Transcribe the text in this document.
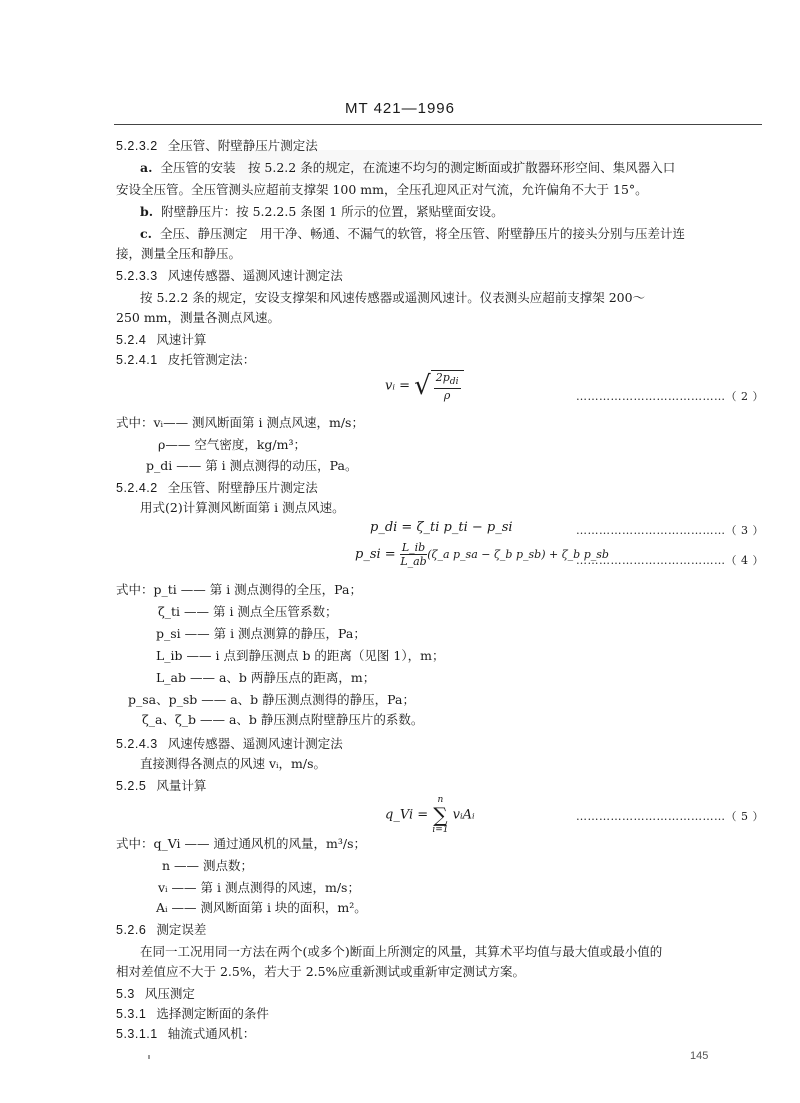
MT 421—1996
5.2.3.2 全压管、附壁静压片测定法
a. 全压管的安装　按 5.2.2 条的规定，在流速不均匀的测定断面或扩散器环形空间、集风器入口
安设全压管。全压管测头应超前支撑架 100 mm，全压孔迎风正对气流，允许偏角不大于 15°。
b. 附壁静压片：按 5.2.2.5 条图 1 所示的位置，紧贴壁面安设。
c. 全压、静压测定　用干净、畅通、不漏气的软管，将全压管、附壁静压片的接头分别与压差计连
接，测量全压和静压。
5.2.3.3 风速传感器、遥测风速计测定法
按 5.2.2 条的规定，安设支撑架和风速传感器或遥测风速计。仪表测头应超前支撑架 200～
250 mm，测量各测点风速。
5.2.4 风速计算
5.2.4.1 皮托管测定法：
vᵢ = √ $\frac{2p_{di}}{\rho}$	…………………………………（ 2 ）
式中：vᵢ—— 测风断面第 i 测点风速，m/s；
ρ—— 空气密度，kg/m³；
p_di —— 第 i 测点测得的动压，Pa。
5.2.4.2 全压管、附壁静压片测定法
用式(2)计算测风断面第 i 测点风速。
p_di = ζ_ti p_ti − p_si	…………………………………（ 3 ）
p_si = $\frac{L\_ib}{L\_ab}$ (ζ_a p_sa − ζ_b p_sb) + ζ_b p_sb
…………………………………（ 4 ）
式中：p_ti —— 第 i 测点测得的全压，Pa；
ζ_ti —— 第 i 测点全压管系数；
p_si —— 第 i 测点测算的静压，Pa；
L_ib —— i 点到静压测点 b 的距离（见图 1），m；
L_ab —— a、b 两静压点的距离，m；
p_sa、p_sb —— a、b 静压测点测得的静压，Pa；
ζ_a、ζ_b —— a、b 静压测点附壁静压片的系数。
5.2.4.3 风速传感器、遥测风速计测定法
直接测得各测点的风速 vᵢ，m/s。
5.2.5 风量计算
q_Vi = n
∑
i=1 vᵢAᵢ	…………………………………（ 5 ）
式中：q_Vi —— 通过通风机的风量，m³/s；
n —— 测点数；
vᵢ —— 第 i 测点测得的风速，m/s；
Aᵢ —— 测风断面第 i 块的面积，m²。
5.2.6 测定误差
在同一工况用同一方法在两个(或多个)断面上所测定的风量，其算术平均值与最大值或最小值的
相对差值应不大于 2.5%，若大于 2.5%应重新测试或重新审定测试方案。
5.3 风压测定
5.3.1 选择测定断面的条件
5.3.1.1 轴流式通风机：
145
